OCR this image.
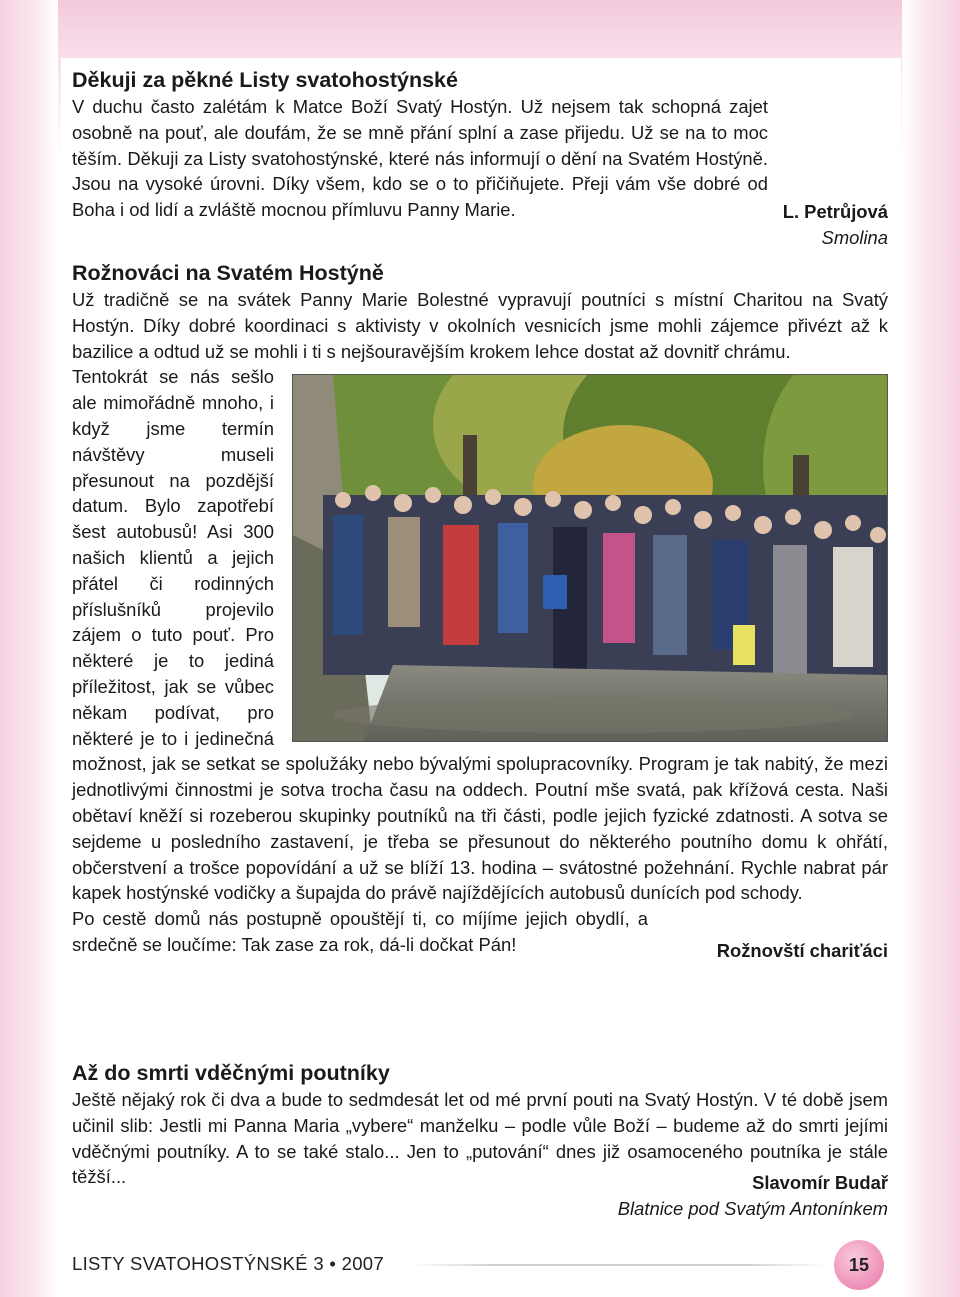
Děkuji za pěkné Listy svatohostýnské

V duchu často zalétám k Matce Boží Svatý Hostýn. Už nejsem tak schopná zajet osobně na pouť, ale doufám, že se mně přání splní a zase přijedu. Už se na to moc těším. Děkuji za Listy svatohostýnské, které nás informují o dění na Svatém Hostýně. Jsou na vysoké úrovni. Díky všem, kdo se o to přičiňujete. Přeji vám vše dobré od Boha i od lidí a zvláště mocnou přímluvu Panny Marie.	L. Petrůjová

Smolina

Rožnováci na Svatém Hostýně

Už tradičně se na svátek Panny Marie Bolestné vypravují poutníci s místní Charitou na Svatý Hostýn. Díky dobré koordinaci s aktivisty v okolních vesnicích jsme mohli zájemce přivézt až k bazilice a odtud už se mohli i ti s nejšouravějším krokem lehce dostat až dovnitř chrámu.

Tentokrát se nás sešlo ale mimořádně mnoho, i když jsme termín návštěvy museli přesunout na pozdější datum. Bylo zapotřebí šest autobusů! Asi 300 našich klientů a jejich přátel či rodinných příslušníků projevilo zájem o tuto pouť. Pro některé je to jediná příležitost, jak se vůbec někam podívat, pro některé je to i jedinečná možnost, jak se setkat se spolužáky nebo bývalými spolupracovníky. Program je tak nabitý, že mezi jednotlivými činnostmi je sotva trocha času na oddech. Poutní mše svatá, pak křížová cesta. Naši obětaví kněží si rozeberou skupinky poutníků na tři části, podle jejich fyzické zdatnosti. A sotva se sejdeme u posledního zastavení, je třeba se přesunout do některého poutního domu k ohřátí, občerstvení a trošce popovídání a už se blíží 13. hodina – svátostné požehnání. Rychle nabrat pár kapek hostýnské vodičky a šupajda do právě najíždějících autobusů dunících pod schody.

Po cestě domů nás postupně opouštějí ti, co míjíme jejich obydlí, a srdečně se loučíme: Tak zase za rok, dá-li dočkat Pán!	Rožnovští chariťáci

Až do smrti vděčnými poutníky

Ještě nějaký rok či dva a bude to sedmdesát let od mé první pouti na Svatý Hostýn. V té době jsem učinil slib: Jestli mi Panna Maria „vybere“ manželku – podle vůle Boží – budeme až do smrti jejími vděčnými poutníky. A to se také stalo... Jen to „putování“ dnes již osamoceného poutníka je stále těžší...	Slavomír Budař

Blatnice pod Svatým Antonínkem

LISTY SVATOHOSTÝNSKÉ 3 • 2007	15
